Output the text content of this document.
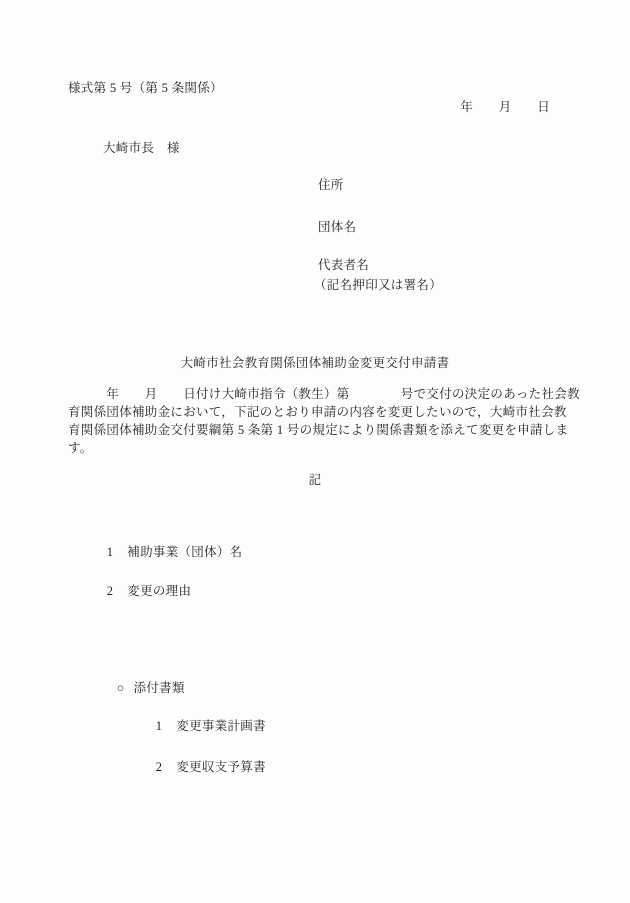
様式第 5 号（第 5 条関係）
年　　月　　日
大崎市長　様
住所
団体名
代表者名
（記名押印又は署名）
大崎市社会教育関係団体補助金変更交付申請書
　　　年　　月　　日付け大崎市指令（教生）第　　　　号で交付の決定のあった社会教
育関係団体補助金において，下記のとおり申請の内容を変更したいので，大崎市社会教
育関係団体補助金交付要綱第 5 条第 1 号の規定により関係書類を添えて変更を申請しま
す。
記

1 補助事業（団体）名

2 変更の理由

○ 添付書類

1 変更事業計画書

2 変更収支予算書
